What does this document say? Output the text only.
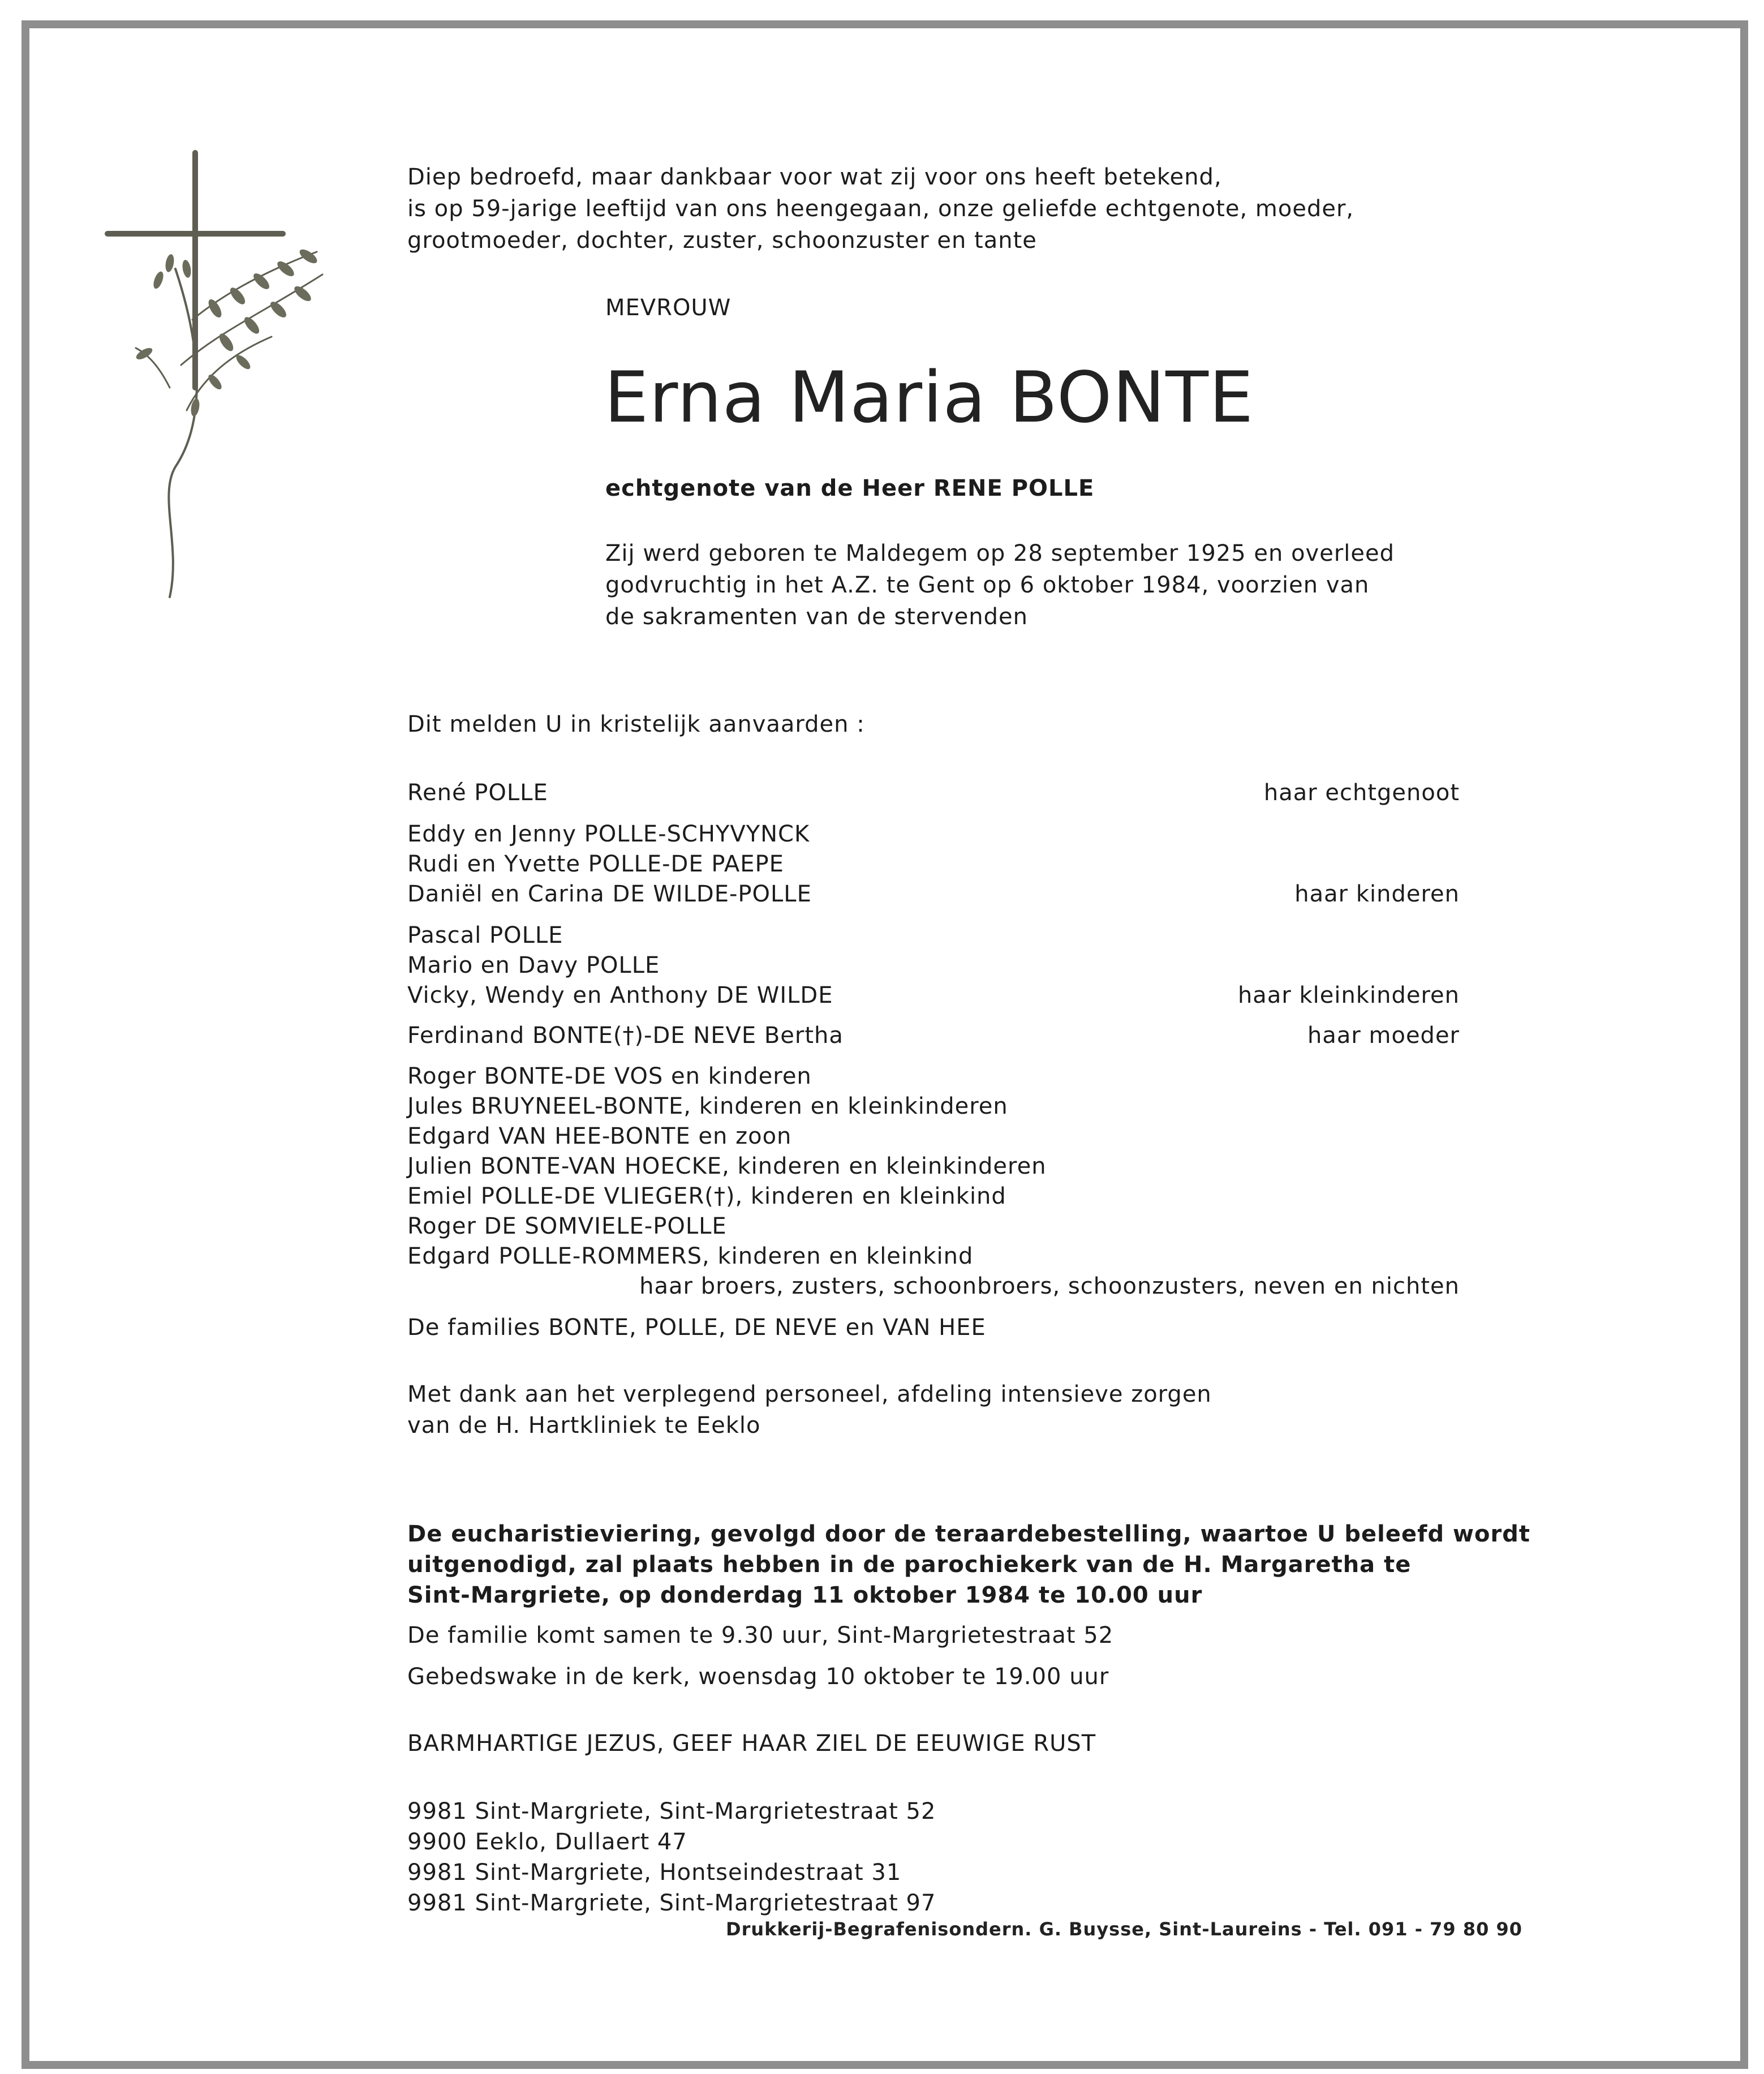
Diep bedroefd, maar dankbaar voor wat zij voor ons heeft betekend,
is op 59-jarige leeftijd van ons heengegaan, onze geliefde echtgenote, moeder,
grootmoeder, dochter, zuster, schoonzuster en tante
MEVROUW
Erna Maria BONTE
echtgenote van de Heer RENE POLLE
Zij werd geboren te Maldegem op 28 september 1925 en overleed
godvruchtig in het A.Z. te Gent op 6 oktober 1984, voorzien van
de sakramenten van de stervenden
Dit melden U in kristelijk aanvaarden :
René POLLE	haar echtgenoot
Eddy en Jenny POLLE-SCHYVYNCK
Rudi en Yvette POLLE-DE PAEPE
Daniël en Carina DE WILDE-POLLE	haar kinderen
Pascal POLLE
Mario en Davy POLLE
Vicky, Wendy en Anthony DE WILDE	haar kleinkinderen
Ferdinand BONTE(†)-DE NEVE Bertha	haar moeder
Roger BONTE-DE VOS en kinderen
Jules BRUYNEEL-BONTE, kinderen en kleinkinderen
Edgard VAN HEE-BONTE en zoon
Julien BONTE-VAN HOECKE, kinderen en kleinkinderen
Emiel POLLE-DE VLIEGER(†), kinderen en kleinkind
Roger DE SOMVIELE-POLLE
Edgard POLLE-ROMMERS, kinderen en kleinkind
haar broers, zusters, schoonbroers, schoonzusters, neven en nichten
De families BONTE, POLLE, DE NEVE en VAN HEE
Met dank aan het verplegend personeel, afdeling intensieve zorgen
van de H. Hartkliniek te Eeklo
De eucharistieviering, gevolgd door de teraardebestelling, waartoe U beleefd wordt
uitgenodigd, zal plaats hebben in de parochiekerk van de H. Margaretha te
Sint-Margriete, op donderdag 11 oktober 1984 te 10.00 uur
De familie komt samen te 9.30 uur, Sint-Margrietestraat 52
Gebedswake in de kerk, woensdag 10 oktober te 19.00 uur
BARMHARTIGE JEZUS, GEEF HAAR ZIEL DE EEUWIGE RUST
9981 Sint-Margriete, Sint-Margrietestraat 52
9900 Eeklo, Dullaert 47
9981 Sint-Margriete, Hontseindestraat 31
9981 Sint-Margriete, Sint-Margrietestraat 97
Drukkerij-Begrafenisondern. G. Buysse, Sint-Laureins - Tel. 091 - 79 80 90
